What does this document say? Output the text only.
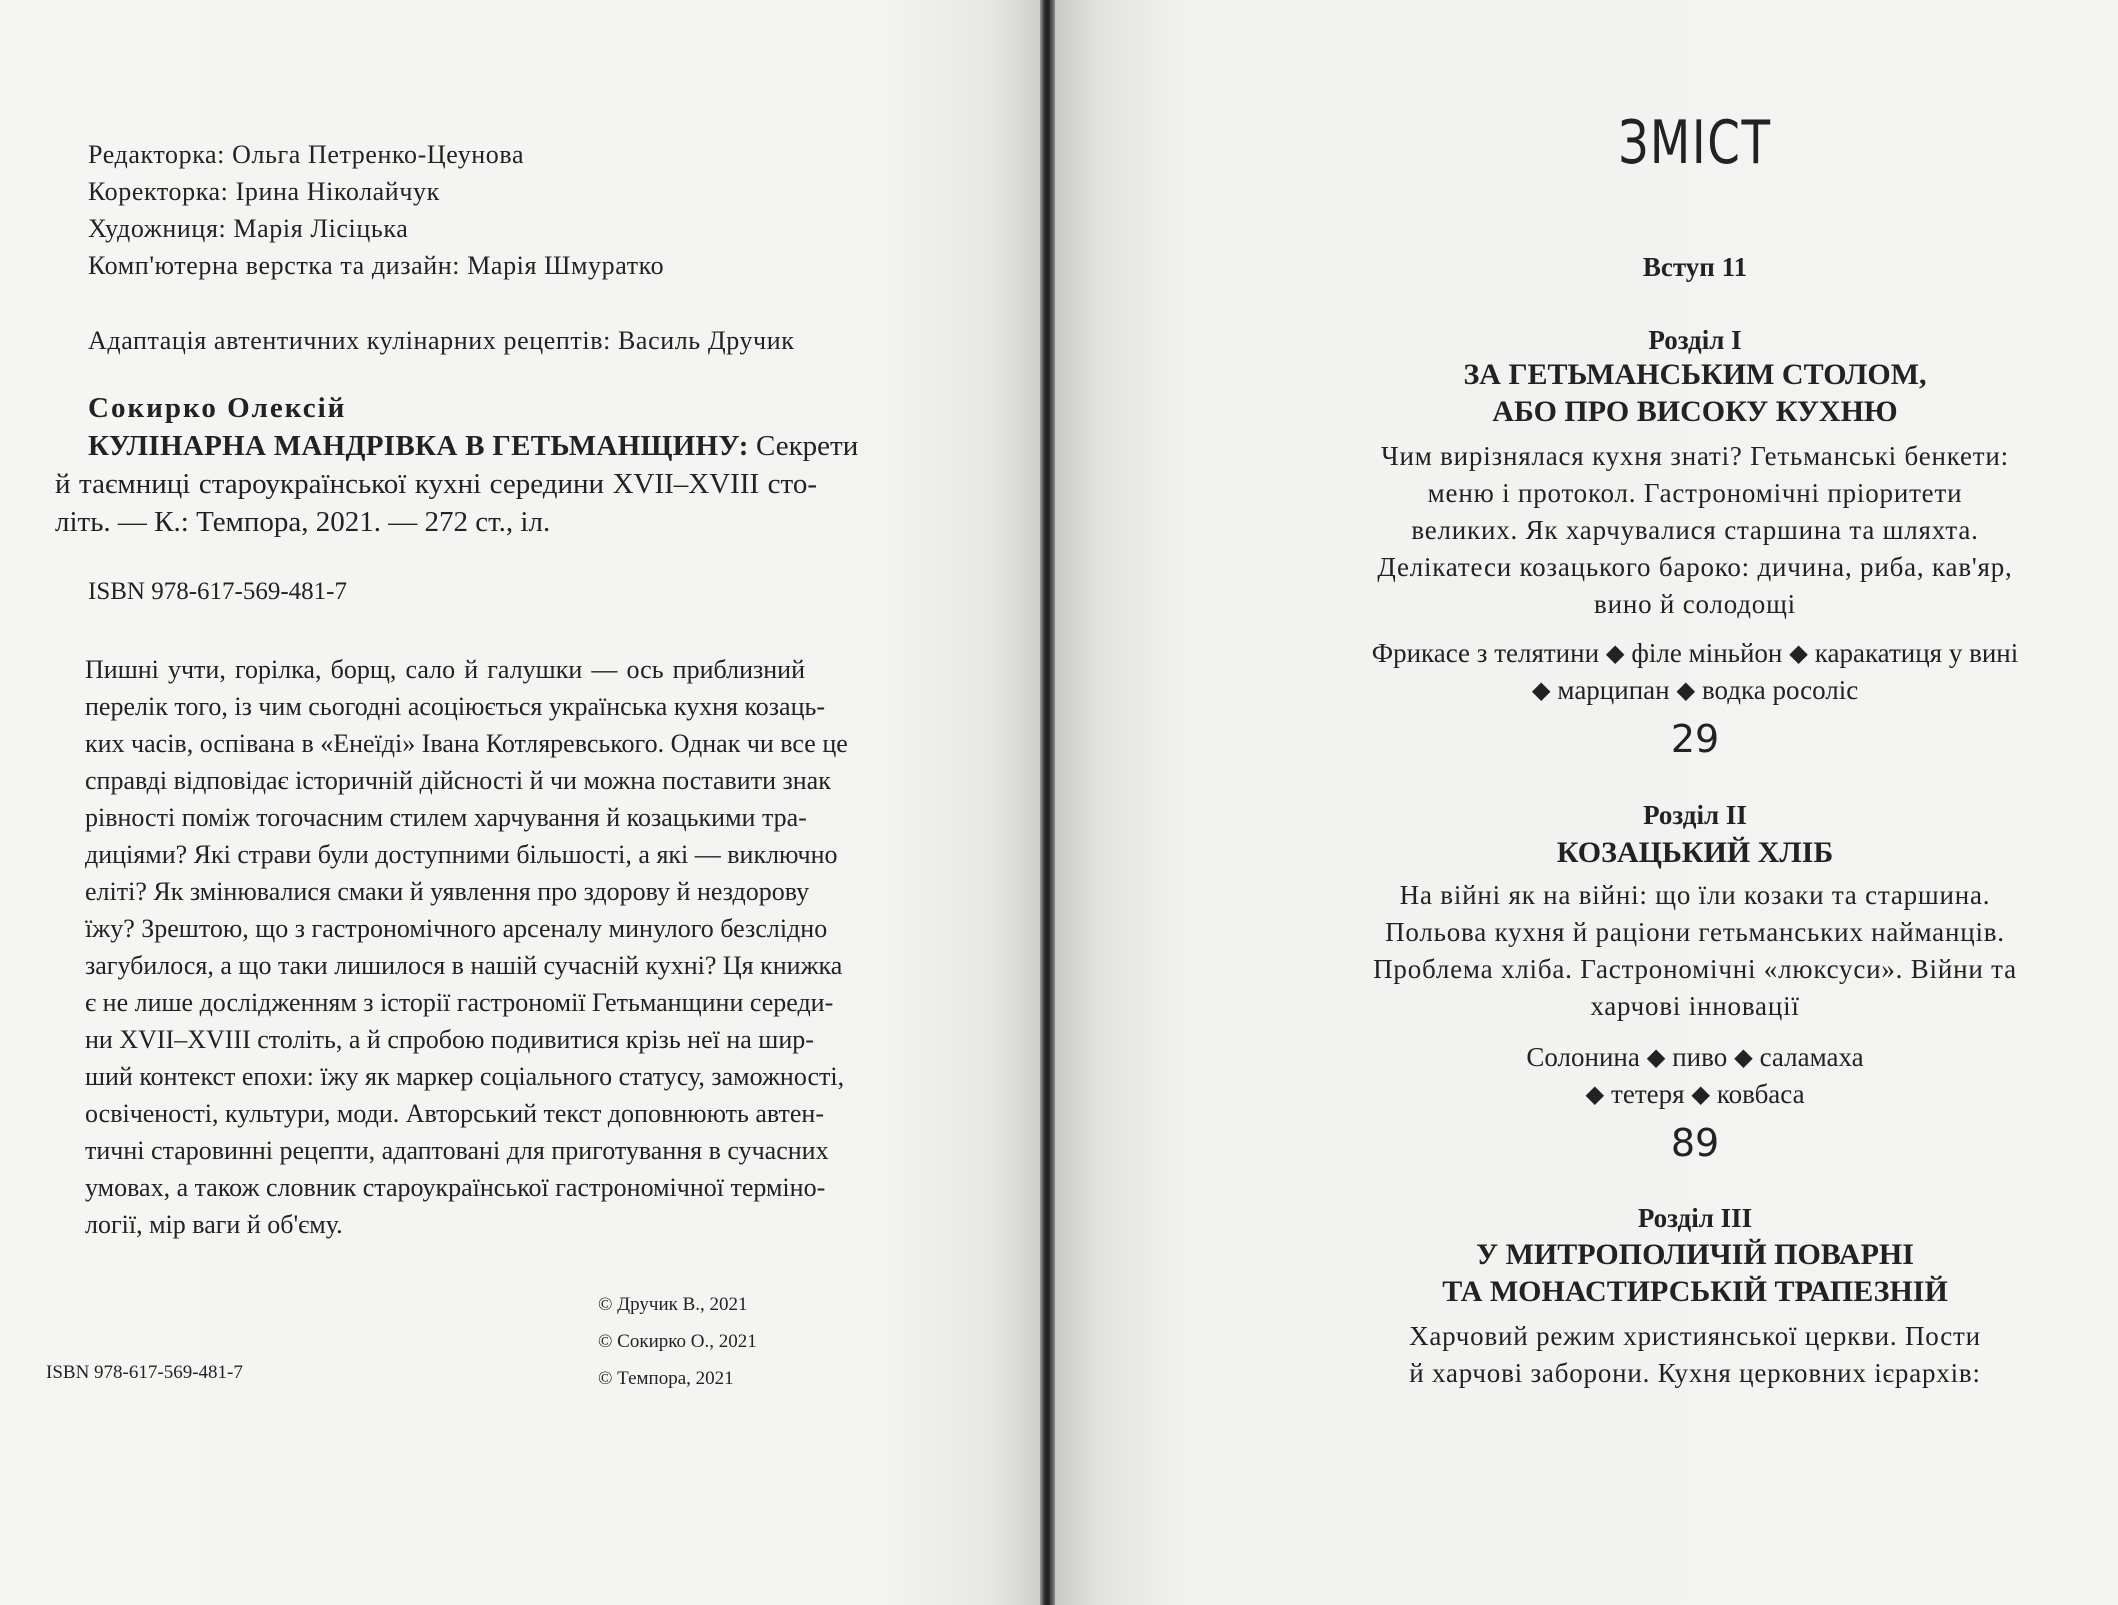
Редакторка: Ольга Петренко-Цеунова
Коректорка: Ірина Ніколайчук
Художниця: Марія Лісіцька
Комп'ютерна верстка та дизайн: Марія Шмуратко
Адаптація автентичних кулінарних рецептів: Василь Дручик
Сокирко Олексій
КУЛІНАРНА МАНДРІВКА В ГЕТЬМАНЩИНУ: Секрети
й таємниці староукраїнської кухні середини XVII–XVIII сто-
літь. — К.: Темпора, 2021. — 272 ст., іл.
ISBN 978-617-569-481-7
Пишні учти, горілка, борщ, сало й галушки — ось приблизний
перелік того, із чим сьогодні асоціюється українська кухня козаць-
ких часів, оспівана в «Енеїді» Івана Котляревського. Однак чи все це
справді відповідає історичній дійсності й чи можна поставити знак
рівності поміж тогочасним стилем харчування й козацькими тра-
диціями? Які страви були доступними більшості, а які — виключно
еліті? Як змінювалися смаки й уявлення про здорову й нездорову
їжу? Зрештою, що з гастрономічного арсеналу минулого безслідно
загубилося, а що таки лишилося в нашій сучасній кухні? Ця книжка
є не лише дослідженням з історії гастрономії Гетьманщини середи-
ни XVII–XVIII століть, а й спробою подивитися крізь неї на шир-
ший контекст епохи: їжу як маркер соціального статусу, заможності,
освіченості, культури, моди. Авторський текст доповнюють автен-
тичні старовинні рецепти, адаптовані для приготування в сучасних
умовах, а також словник староукраїнської гастрономічної терміно-
логії, мір ваги й об'єму.
© Дручик В., 2021
© Сокирко О., 2021
© Темпора, 2021
ISBN 978-617-569-481-7
ЗМІСТ
Вступ 11
Розділ I
ЗА ГЕТЬМАНСЬКИМ СТОЛОМ,
АБО ПРО ВИСОКУ КУХНЮ
Чим вирізнялася кухня знаті? Гетьманські бенкети:
меню і протокол. Гастрономічні пріоритети
великих. Як харчувалися старшина та шляхта.
Делікатеси козацького бароко: дичина, риба, кав'яр,
вино й солодощі
Фрикасе з телятини ⬥ філе міньйон ⬥ каракатиця у вині
⬥ марципан ⬥ водка росоліс
29
Розділ II
КОЗАЦЬКИЙ ХЛІБ
На війні як на війні: що їли козаки та старшина.
Польова кухня й раціони гетьманських найманців.
Проблема хліба. Гастрономічні «люксуси». Війни та
харчові інновації
Солонина ⬥ пиво ⬥ саламаха
⬥ тетеря ⬥ ковбаса
89
Розділ III
У МИТРОПОЛИЧІЙ ПОВАРНІ
ТА МОНАСТИРСЬКІЙ ТРАПЕЗНІЙ
Харчовий режим християнської церкви. Пости
й харчові заборони. Кухня церковних ієрархів:
